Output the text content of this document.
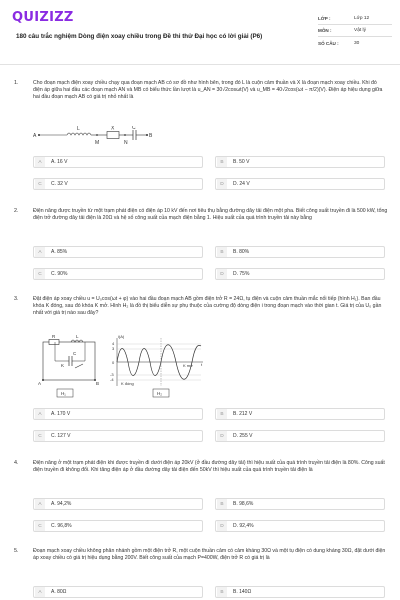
QUIZIZZ
180 câu trắc nghiệm Dòng điện xoay chiều trong Đề thi thử Đại học có lời giải (P6)
LỚP :	Lớp 12
MÔN :	Vật lý
SỐ CÂU :	30
1.	Cho đoạn mạch điện xoay chiều chạy qua đoạn mạch AB có sơ đồ như hình bên, trong đó L là cuộn cảm thuần và X là đoạn mạch xoay chiều. Khi đó điện áp giữa hai đầu các đoạn mạch AN và MB có biểu thức lần lượt là u_AN = 30√2cosωt(V) và u_MB = 40√2cos(ωt − π/2)(V). Điện áp hiệu dụng giữa hai đầu đoạn mạch AB có giá trị nhỏ nhất là
A
L	X	C
B
M	N
A	A. 16 V	B	B. 50 V
C	C. 32 V	D	D. 24 V
2.	Điện năng được truyền từ một trạm phát điện có điện áp 10 kV đến nơi tiêu thụ bằng đường dây tải điện một pha. Biết công suất truyền đi là 500 kW, tổng điện trở đường dây tải điện là 20Ω và hệ số công suất của mạch điện bằng 1. Hiệu suất của quá trình truyền tải này bằng
A	A. 85%	B	B. 80%
C	C. 90%	D	D. 75%
3.	Đặt điện áp xoay chiều u = U₀cos(ωt + φ) vào hai đầu đoạn mạch AB gồm điện trở R = 24Ω, tụ điện và cuộn cảm thuần mắc nối tiếp (hình H₁). Ban đầu khóa K đóng, sau đó khóa K mở. Hình H₂ là đồ thị biểu diễn sự phụ thuộc của cường độ dòng điện i trong đoạn mạch vào thời gian t. Giá trị của U₀ gần nhất với giá trị nào sau đây?
R	L
C
K
A	B
H₁
i(A)
4
3
0
-3
-4
K đóng
K mở t
H₂
A	A. 170 V	B	B. 212 V
C	C. 127 V	D	D. 255 V
4.	Điện năng ở một trạm phát điện khi được truyền đi dưới điện áp 20kV (ở đầu đường dây tải) thì hiệu suất của quá trình truyền tải điện là 80%. Công suất điện truyền đi không đổi. Khi tăng điện áp ở đầu đường dây tải điện đến 50kV thì hiệu suất của quá trình truyền tải điện là
A	A. 94,2%	B	B. 98,6%
C	C. 96,8%	D	D. 92,4%
5.	Đoạn mạch xoay chiều không phân nhánh gồm một điện trở R, một cuộn thuần cảm có cảm kháng 30Ω và một tụ điện có dung kháng 30Ω, đặt dưới điện áp xoay chiều có giá trị hiệu dụng bằng 200V. Biết công suất của mạch P=400W, điện trở R có giá trị là
A	A. 80Ω	B	B. 140Ω
